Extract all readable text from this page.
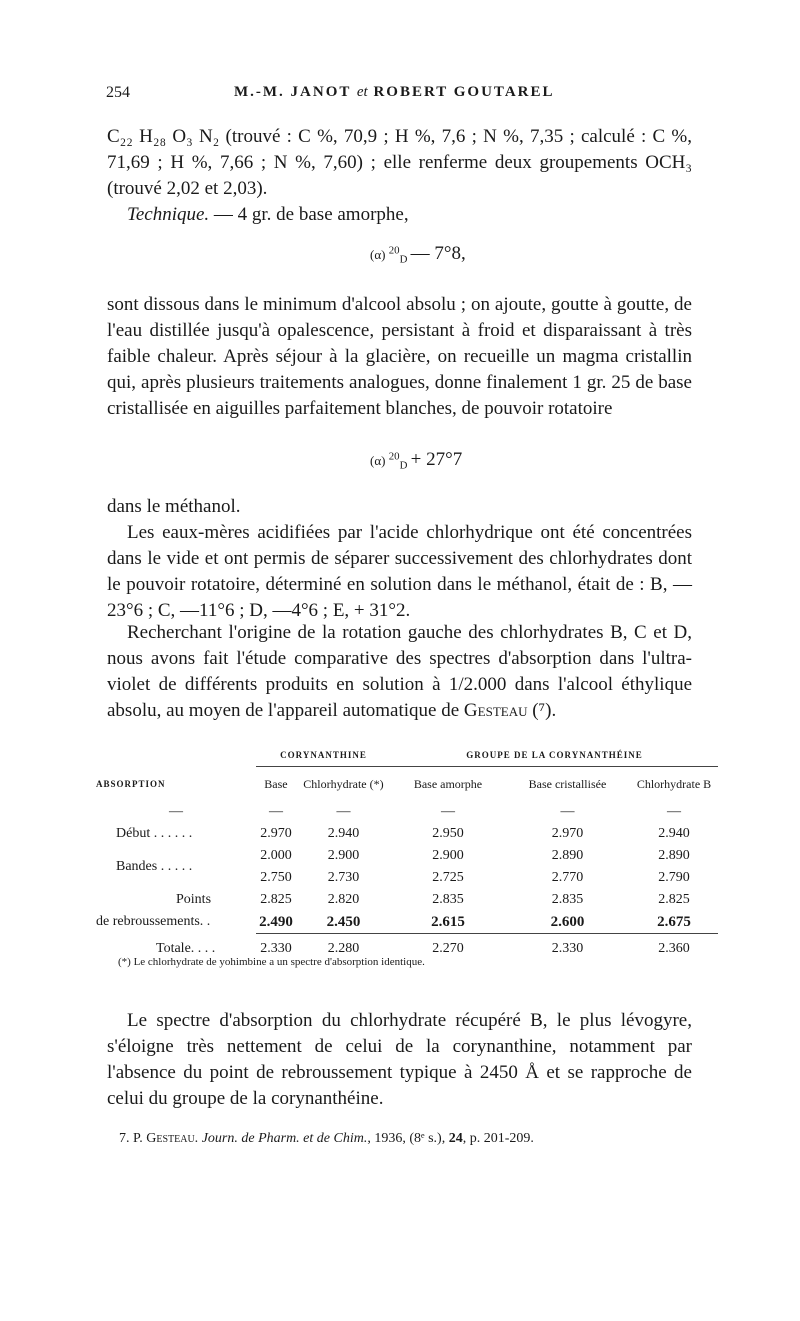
254	M.-M. JANOT et ROBERT GOUTAREL
C₂₂ H₂₈ O₃ N₂ (trouvé : C %, 70,9 ; H %, 7,6 ; N %, 7,35 ; calculé : C %, 71,69 ; H %, 7,66 ; N %, 7,60) ; elle renferme deux groupements OCH₃ (trouvé 2,02 et 2,03).
Technique. — 4 gr. de base amorphe,
(α) $^{20}_D$ — 7°8,
sont dissous dans le minimum d'alcool absolu ; on ajoute, goutte à goutte, de l'eau distillée jusqu'à opalescence, persistant à froid et disparaissant à très faible chaleur. Après séjour à la glacière, on recueille un magma cristallin qui, après plusieurs traitements analogues, donne finalement 1 gr. 25 de base cristallisée en aiguilles parfaitement blanches, de pouvoir rotatoire
(α) $^{20}_D$ + 27°7
dans le méthanol.
Les eaux-mères acidifiées par l'acide chlorhydrique ont été concentrées dans le vide et ont permis de séparer successivement des chlorhydrates dont le pouvoir rotatoire, déterminé en solution dans le méthanol, était de : B, —23°6 ; C, —11°6 ; D, —4°6 ; E, + 31°2.
Recherchant l'origine de la rotation gauche des chlorhydrates B, C et D, nous avons fait l'étude comparative des spectres d'absorption dans l'ultra-violet de différents produits en solution à 1/2.000 dans l'alcool éthylique absolu, au moyen de l'appareil automatique de Gesteau (⁷).
	CORYNANTHINE		GROUPE DE LA CORYNANTHÉINE		
ABSORPTION	Base	Chlorhydrate (*)	Base amorphe	Base cristallisée	Chlorhydrate B
—	—	—	—	—	—
Début . . . . . .	2.970	2.940	2.950	2.970	2.940
Bandes . . . . .	2.000	2.900	2.900	2.890	2.890
	2.750	2.730	2.725	2.770	2.790
Points	2.825	2.820	2.835	2.835	2.825
de rebroussements. .	2.490	2.450	2.615	2.600	2.675
Totale. . . .	2.330	2.280	2.270	2.330	2.360
(*) Le chlorhydrate de yohimbine a un spectre d'absorption identique.
Le spectre d'absorption du chlorhydrate récupéré B, le plus lévogyre, s'éloigne très nettement de celui de la corynanthine, notamment par l'absence du point de rebroussement typique à 2450 Å et se rapproche de celui du groupe de la corynanthéine.
7. P. Gesteau. Journ. de Pharm. et de Chim., 1936, (8ᵉ s.), 24, p. 201-209.
